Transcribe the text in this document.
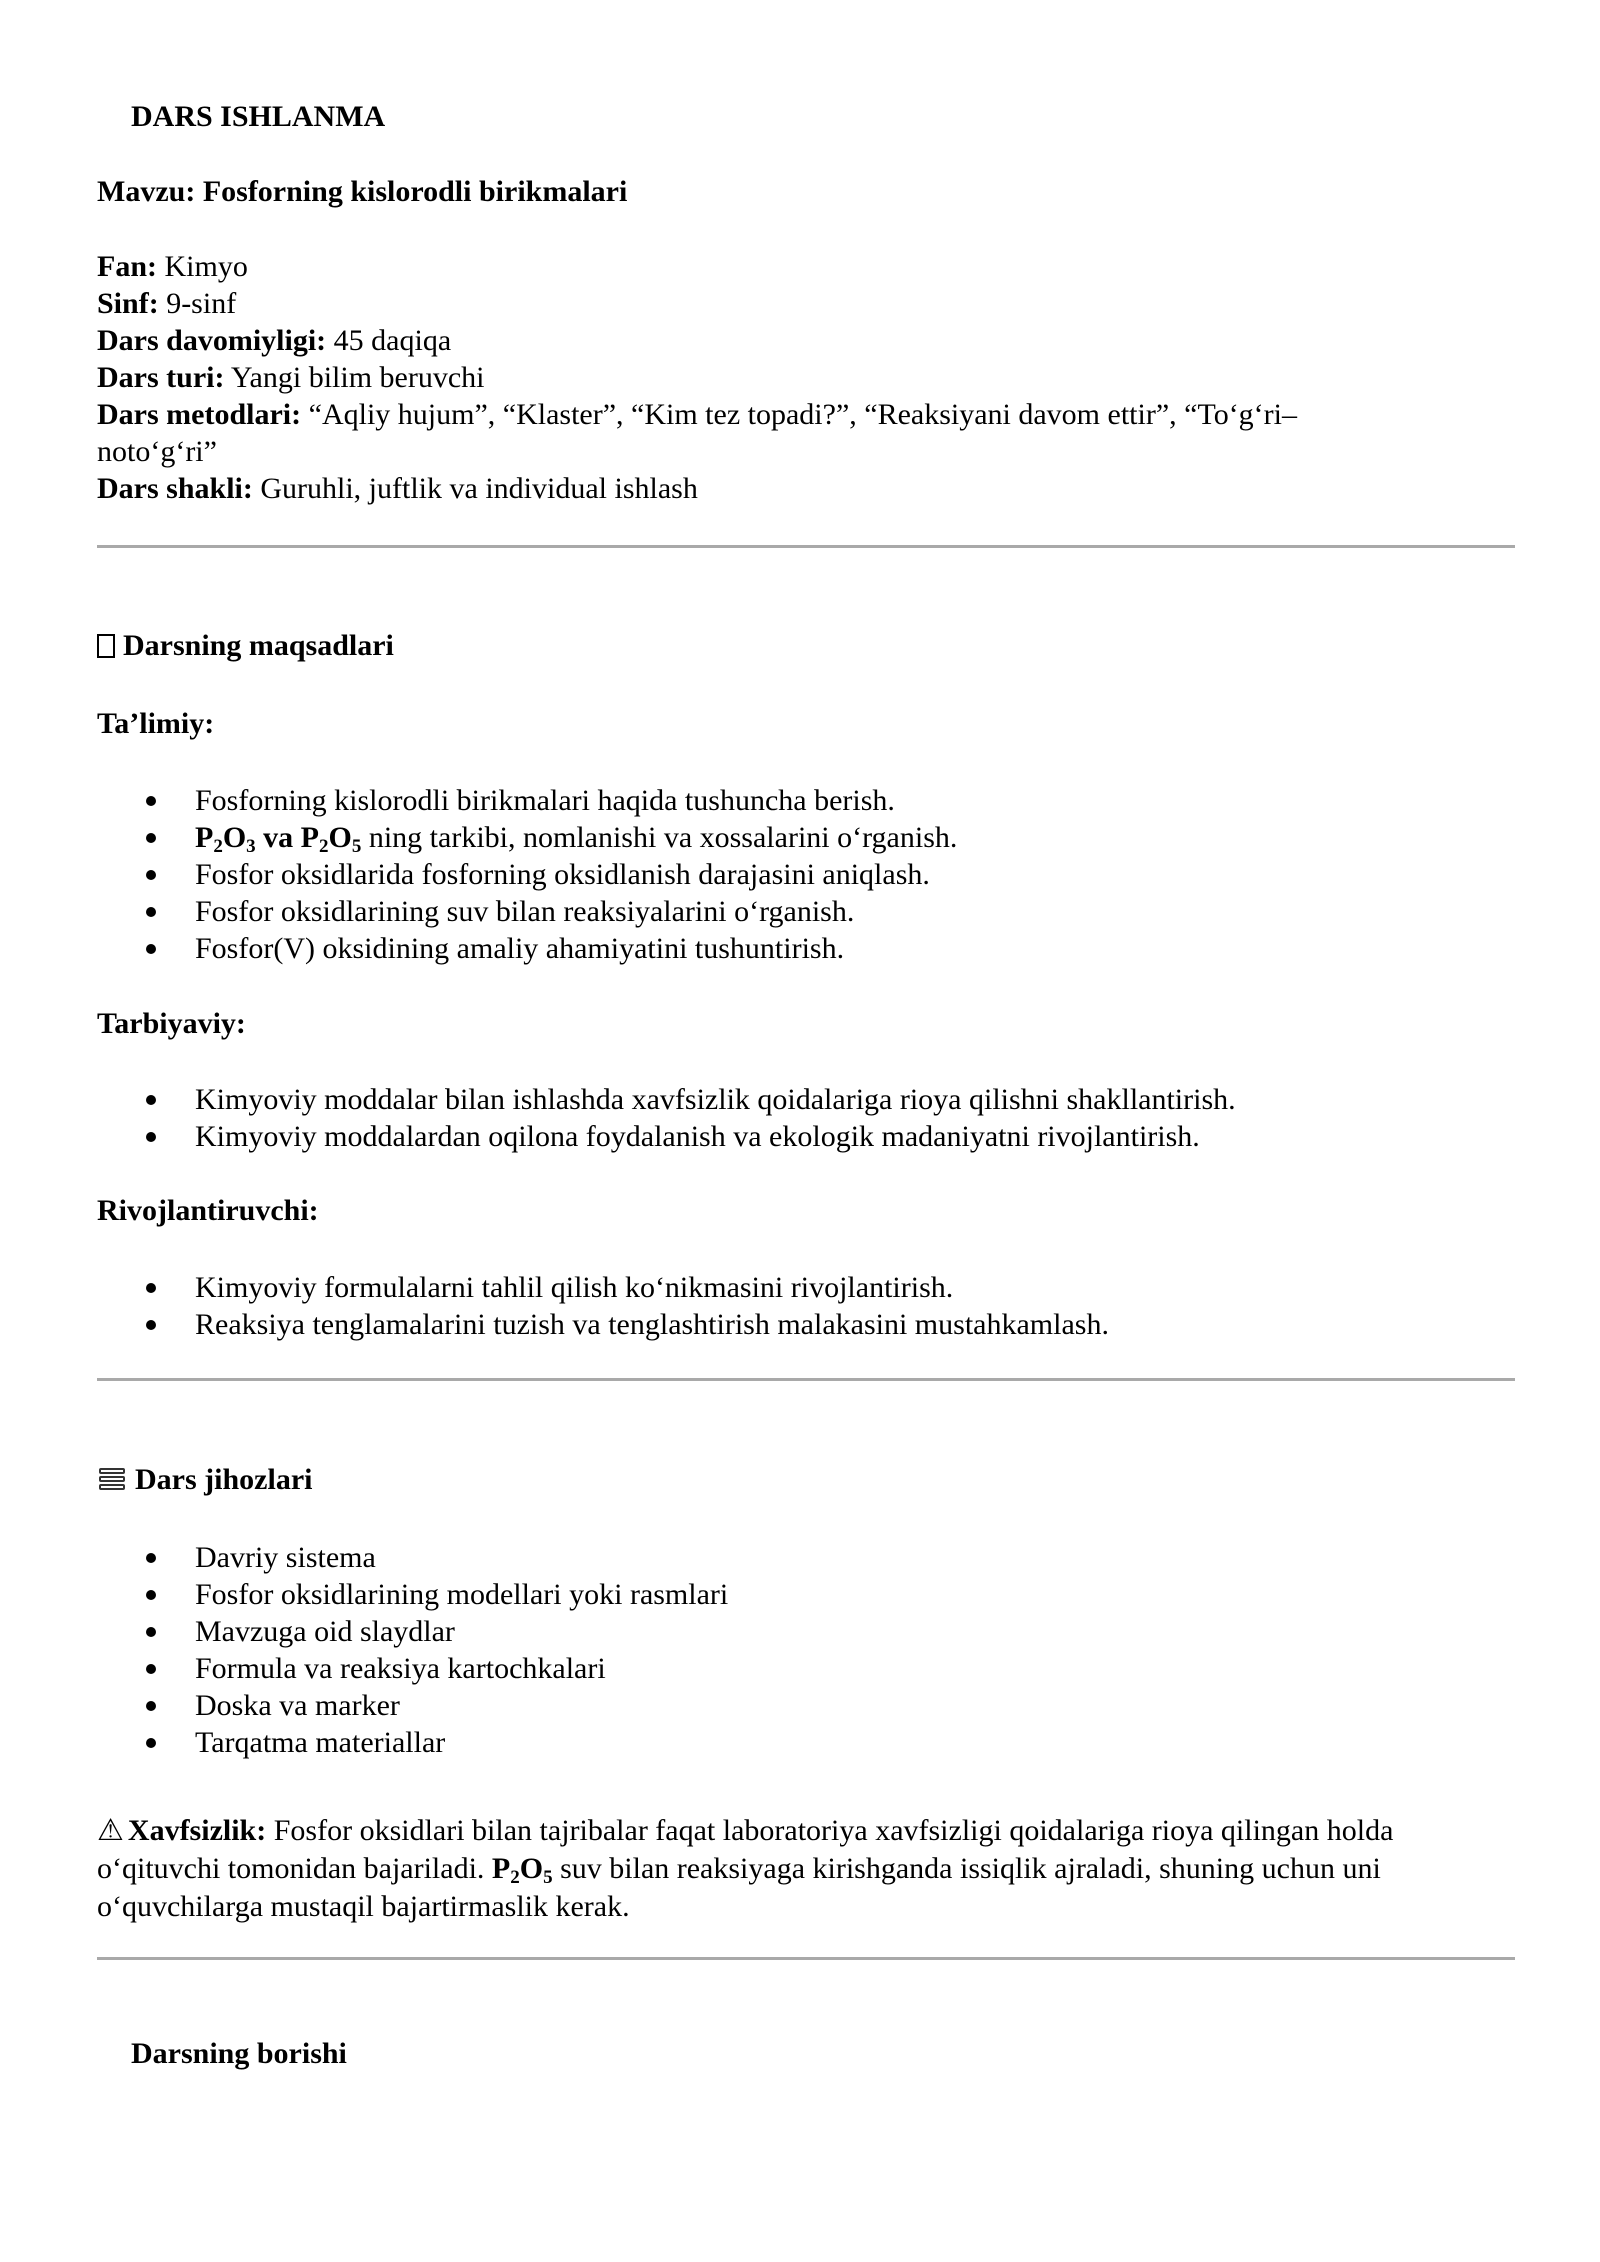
DARS ISHLANMA
Mavzu: Fosforning kislorodli birikmalari
Fan: Kimyo
Sinf: 9-sinf
Dars davomiyligi: 45 daqiqa
Dars turi: Yangi bilim beruvchi
Dars metodlari: “Aqliy hujum”, “Klaster”, “Kim tez topadi?”, “Reaksiyani davom ettir”, “To‘g‘ri–
noto‘g‘ri”
Dars shakli: Guruhli, juftlik va individual ishlash
Darsning maqsadlari
Ta’limiy:
Fosforning kislorodli birikmalari haqida tushuncha berish.
$P_2O_3$ va $P_2O_5$ ning tarkibi, nomlanishi va xossalarini o‘rganish.
Fosfor oksidlarida fosforning oksidlanish darajasini aniqlash.
Fosfor oksidlarining suv bilan reaksiyalarini o‘rganish.
Fosfor(V) oksidining amaliy ahamiyatini tushuntirish.
Tarbiyaviy:
Kimyoviy moddalar bilan ishlashda xavfsizlik qoidalariga rioya qilishni shakllantirish.
Kimyoviy moddalardan oqilona foydalanish va ekologik madaniyatni rivojlantirish.
Rivojlantiruvchi:
Kimyoviy formulalarni tahlil qilish ko‘nikmasini rivojlantirish.
Reaksiya tenglamalarini tuzish va tenglashtirish malakasini mustahkamlash.
Dars jihozlari
Davriy sistema
Fosfor oksidlarining modellari yoki rasmlari
Mavzuga oid slaydlar
Formula va reaksiya kartochkalari
Doska va marker
Tarqatma materiallar
⚠ Xavfsizlik: Fosfor oksidlari bilan tajribalar faqat laboratoriya xavfsizligi qoidalariga rioya qilingan holda
o‘qituvchi tomonidan bajariladi. $P_2O_5$ suv bilan reaksiyaga kirishganda issiqlik ajraladi, shuning uchun uni
o‘quvchilarga mustaqil bajartirmaslik kerak.
Darsning borishi
